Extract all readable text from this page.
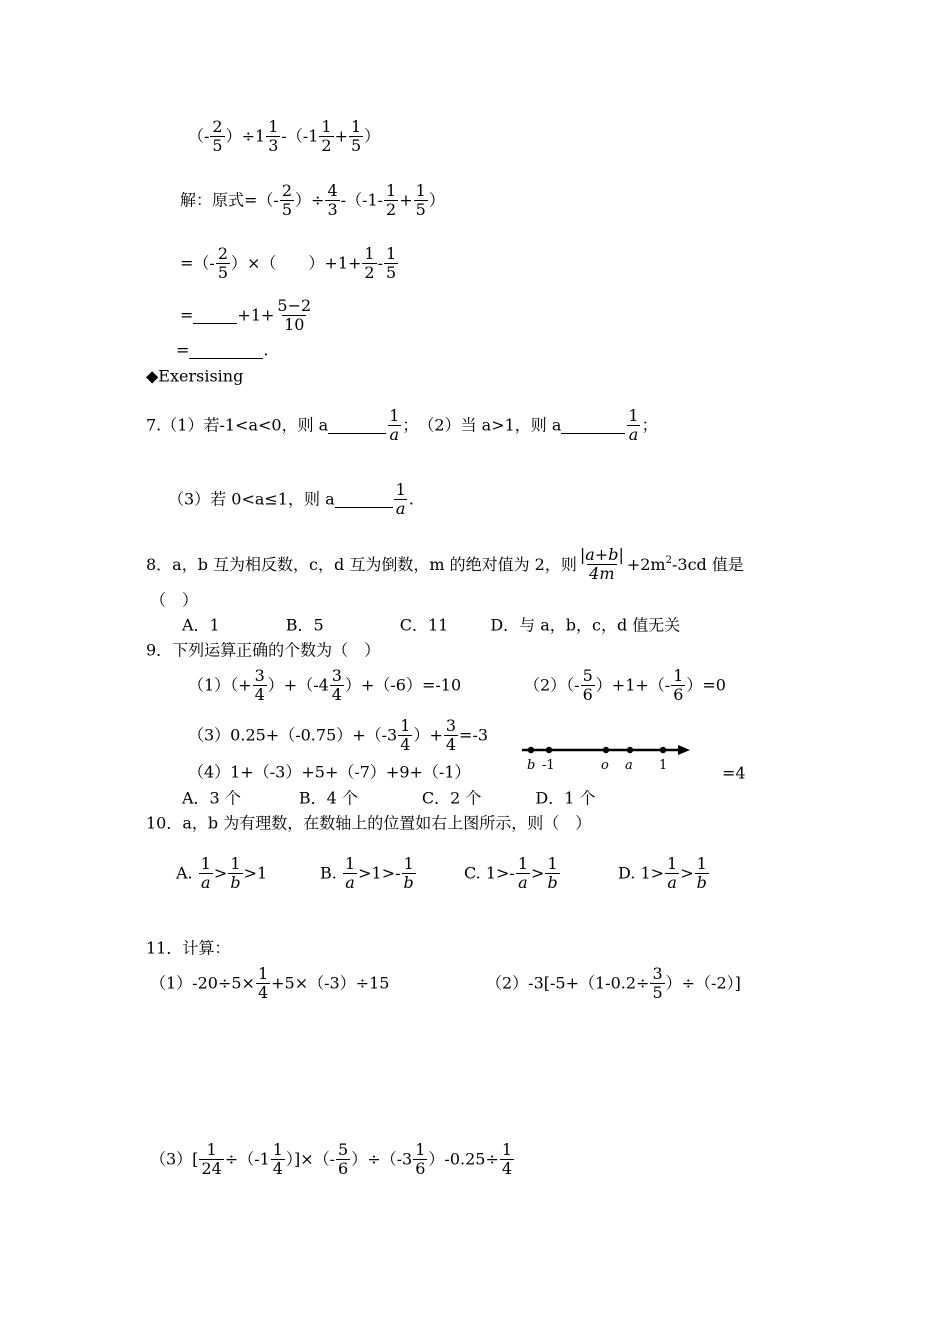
（- $\frac{2}{5} )\div 1 \frac{1}{3} -(-1 \frac{1}{2} + \frac{1}{5}$ ）
解：原式=（- $\frac{2}{5}$ ）÷ $\frac{4}{3} -(-1- \frac{1}{2} + \frac{1}{5}$ ）
=（- $\frac{2}{5}$ ）×（　　）$+1+ \frac{1}{2} - \frac{1}{5}$
=	$+1+ \frac{5-2}{10}$
=	.
◆Exersising
7.（1）若-1<a<0，则 a	$\frac{1}{a}$ ；　（2）当 a>1，则 a	$\frac{1}{a}$ ；
（3）若 0<a≤1，则 a	$\frac{1}{a}$ .
8．a，b 互为相反数，c，d 互为倒数，m 的绝对值为 2，则 $\frac{|a+b|}{4m} +2m^2-3cd$ 值是
（　）
A．1	B．5	C．11	D．与 a，b，c，d 值无关
9．下列运算正确的个数为（　）
$(1)(+ \frac{3}{4} )+(-4 \frac{3}{4} )+(-6)=-10$	$(2)(- \frac{5}{6} )+1+(- \frac{1}{6} )=0$
$(3)0.25+(-0.75)+(-3 \frac{1}{4}$ ）+ $\frac{3}{4} =-3$
（4）1+（-3）+5+（-7）+9+（-1）	=4
b -1	o a 1
A．3 个	B．4 个	C．2 个	D．1 个
10．a，b 为有理数，在数轴上的位置如右上图所示，则（　）
A. $\frac{1}{a} > \frac{1}{b} >1$	B. $\frac{1}{a} >1>- \frac{1}{b}$	C. $1>- \frac{1}{a} > \frac{1}{b}$	D. $1> \frac{1}{a} > \frac{1}{b}$
11．计算：
$(1)-20\div 5\times \frac{1}{4} +5\times(-3)\div 15$	$(2)-3[-5+(1-0.2\div \frac{3}{5} )\div(-2)]$
$(3)[ \frac{1}{24} \div(-1 \frac{1}{4}$ ）]×（- $\frac{5}{6} )\div(-3 \frac{1}{6} )-0.25\div \frac{1}{4}$
